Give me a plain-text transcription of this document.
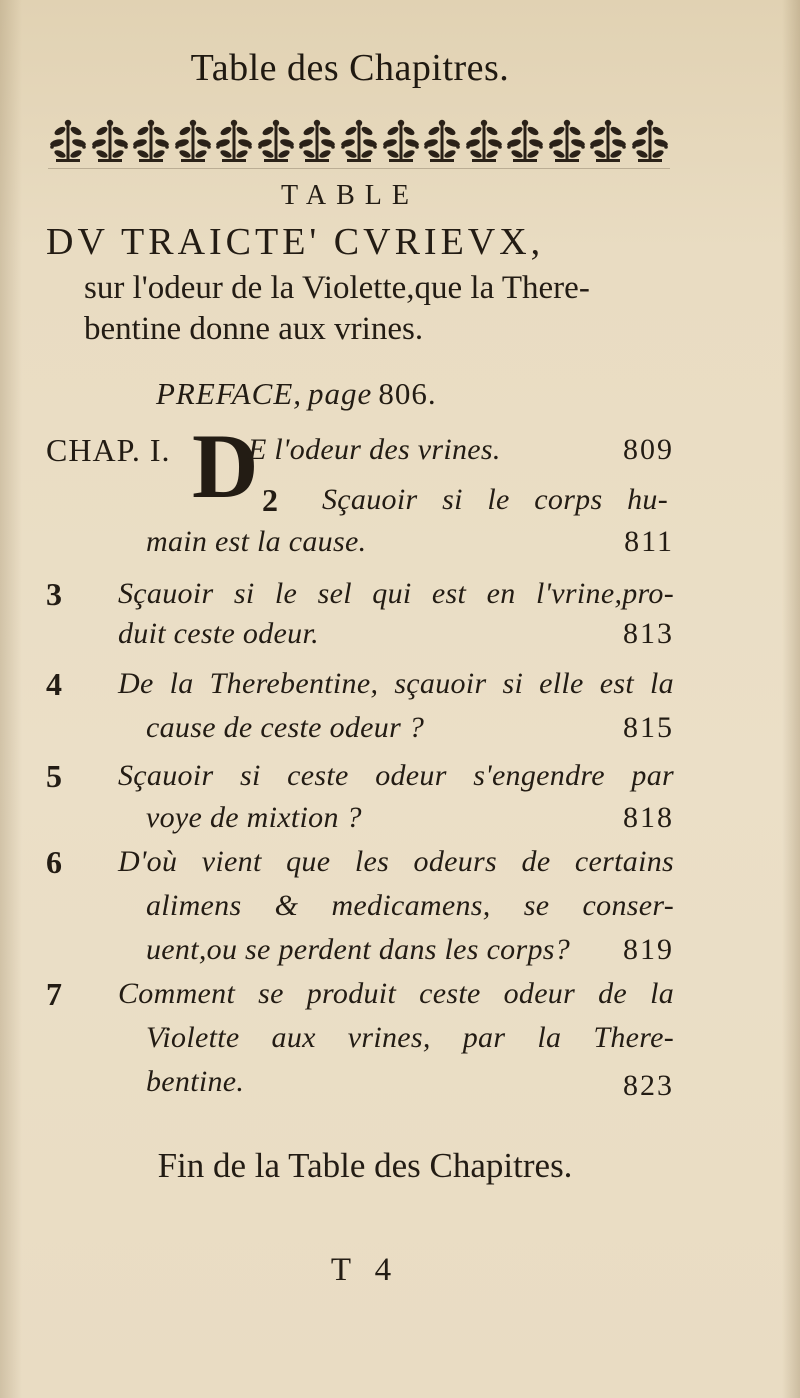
Table des Chapitres.
TABLE
DV TRAICTE' CVRIEVX,
sur l'odeur de la Violette,que la There-
bentine donne aux vrines.
PREFACE, page 806.
CHAP. I. D
E l'odeur des vrines.	809
2 Sçauoir si le corps hu-
main est la cause.	811
3 Sçauoir si le sel qui est en l'vrine,pro-
duit ceste odeur.	813
4 De la Therebentine, sçauoir si elle est la
cause de ceste odeur ?	815
5 Sçauoir si ceste odeur s'engendre par
voye de mixtion ?	818
6 D'où vient que les odeurs de certains
alimens & medicamens, se conser-
uent,ou se perdent dans les corps?	819
7 Comment se produit ceste odeur de la
Violette aux vrines, par la There-
bentine.	823
Fin de la Table des Chapitres.
T 4
